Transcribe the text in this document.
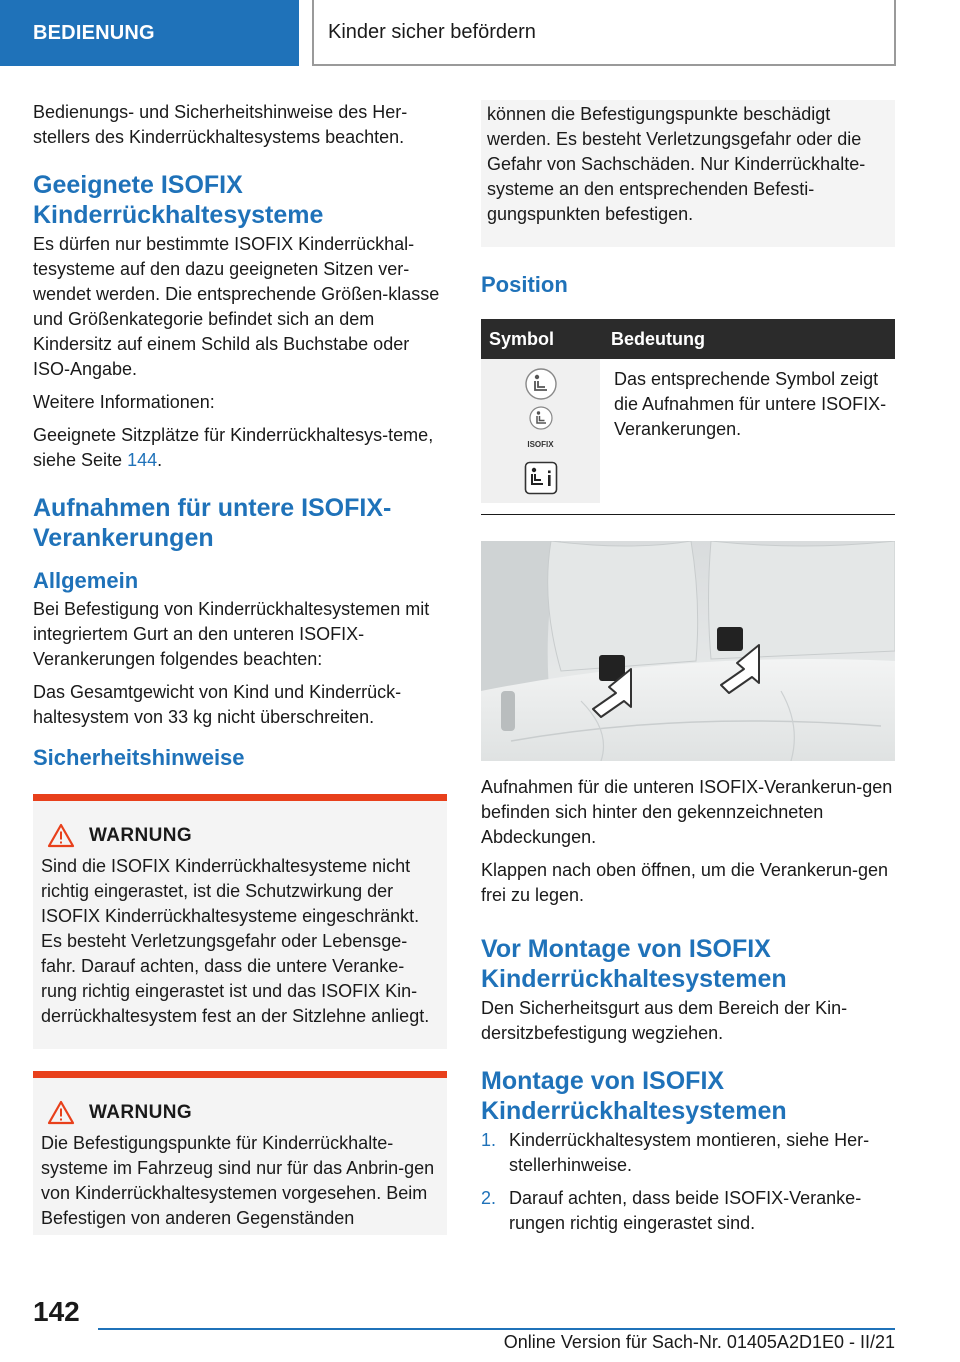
BEDIENUNG	Kinder sicher befördern

Bedienungs- und Sicherheitshinweise des Her-stellers des Kinderrückhaltesystems beachten.

Geeignete ISOFIX Kinderrückhaltesysteme

Es dürfen nur bestimmte ISOFIX Kinderrückhal-tesysteme auf den dazu geeigneten Sitzen ver-wendet werden. Die entsprechende Größen-klasse und Größenkategorie befindet sich an dem Kindersitz auf einem Schild als Buchstabe oder ISO-Angabe.

Weitere Informationen:

Geeignete Sitzplätze für Kinderrückhaltesys-teme, siehe Seite 144.

Aufnahmen für untere ISOFIX-Verankerungen
Allgemein

Bei Befestigung von Kinderrückhaltesystemen mit integriertem Gurt an den unteren ISOFIX-Verankerungen folgendes beachten:

Das Gesamtgewicht von Kind und Kinderrück-haltesystem von 33 kg nicht überschreiten.

Sicherheitshinweise
WARNUNG

Sind die ISOFIX Kinderrückhaltesysteme nicht richtig eingerastet, ist die Schutzwirkung der ISOFIX Kinderrückhaltesysteme eingeschränkt. Es besteht Verletzungsgefahr oder Lebensge-fahr. Darauf achten, dass die untere Veranke-rung richtig eingerastet ist und das ISOFIX Kin-derrückhaltesystem fest an der Sitzlehne anliegt.

WARNUNG

Die Befestigungspunkte für Kinderrückhalte-systeme im Fahrzeug sind nur für das Anbrin-gen von Kinderrückhaltesystemen vorgesehen. Beim Befestigen von anderen Gegenständen

können die Befestigungspunkte beschädigt werden. Es besteht Verletzungsgefahr oder die Gefahr von Sachschäden. Nur Kinderrückhalte-systeme an den entsprechenden Befesti-gungspunkten befestigen.

Position
Symbol	Bedeutung

ISOFIX	Das entsprechende Symbol zeigt die Aufnahmen für untere ISOFIX-Verankerungen.

Aufnahmen für die unteren ISOFIX-Verankerun-gen befinden sich hinter den gekennzeichneten Abdeckungen.

Klappen nach oben öffnen, um die Verankerun-gen frei zu legen.

Vor Montage von ISOFIX Kinderrückhaltesystemen

Den Sicherheitsgurt aus dem Bereich der Kin-dersitzbefestigung wegziehen.

Montage von ISOFIX Kinderrückhaltesystemen
1. Kinderrückhaltesystem montieren, siehe Her-stellerhinweise.
2. Darauf achten, dass beide ISOFIX-Veranke-rungen richtig eingerastet sind.
142
Online Version für Sach-Nr. 01405A2D1E0 - II/21
